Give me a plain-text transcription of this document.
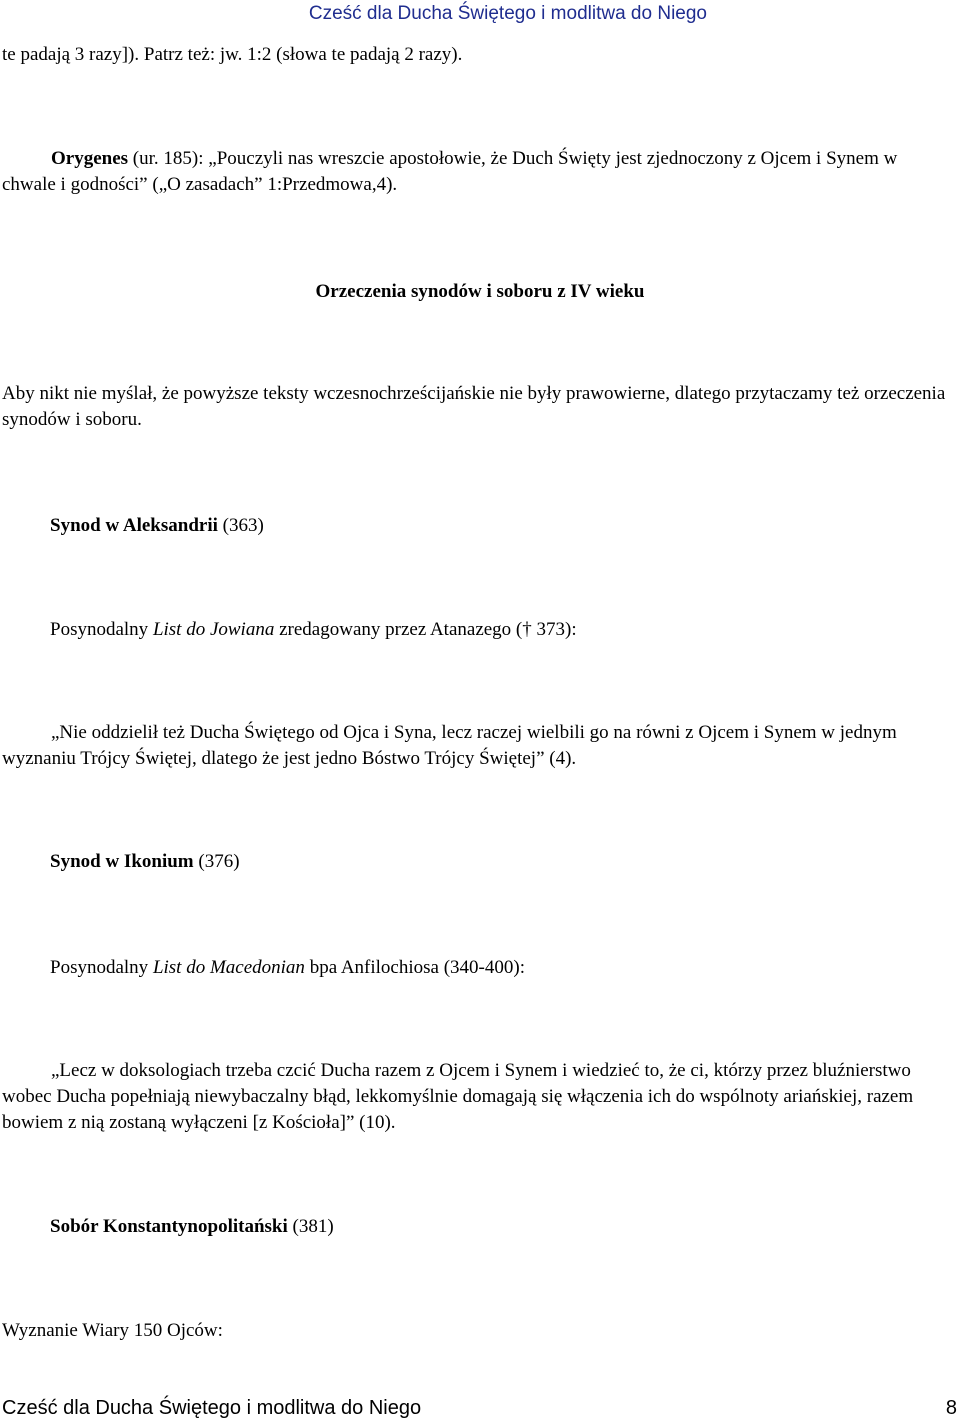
Cześć dla Ducha Świętego i modlitwa do Niego

te padają 3 razy]). Patrz też: jw. 1:2 (słowa te padają 2 razy).

Orygenes (ur. 185): „Pouczyli nas wreszcie apostołowie, że Duch Święty jest zjednoczony z Ojcem i Synem w chwale i godności” („O zasadach” 1:Przedmowa,4).

Orzeczenia synodów i soboru z IV wieku

Aby nikt nie myślał, że powyższe teksty wczesnochrześcijańskie nie były prawowierne, dlatego przytaczamy też orzeczenia synodów i soboru.

Synod w Aleksandrii (363)
Posynodalny List do Jowiana zredagowany przez Atanazego († 373):

„Nie oddzielił też Ducha Świętego od Ojca i Syna, lecz raczej wielbili go na równi z Ojcem i Synem w jednym wyznaniu Trójcy Świętej, dlatego że jest jedno Bóstwo Trójcy Świętej” (4).

Synod w Ikonium (376)
Posynodalny List do Macedonian bpa Anfilochiosa (340-400):

„Lecz w doksologiach trzeba czcić Ducha razem z Ojcem i Synem i wiedzieć to, że ci, którzy przez bluźnierstwo wobec Ducha popełniają niewybaczalny błąd, lekkomyślnie domagają się włączenia ich do wspólnoty ariańskiej, razem bowiem z nią zostaną wyłączeni [z Kościoła]” (10).

Sobór Konstantynopolitański (381)
Wyznanie Wiary 150 Ojców:
Cześć dla Ducha Świętego i modlitwa do Niego	8
